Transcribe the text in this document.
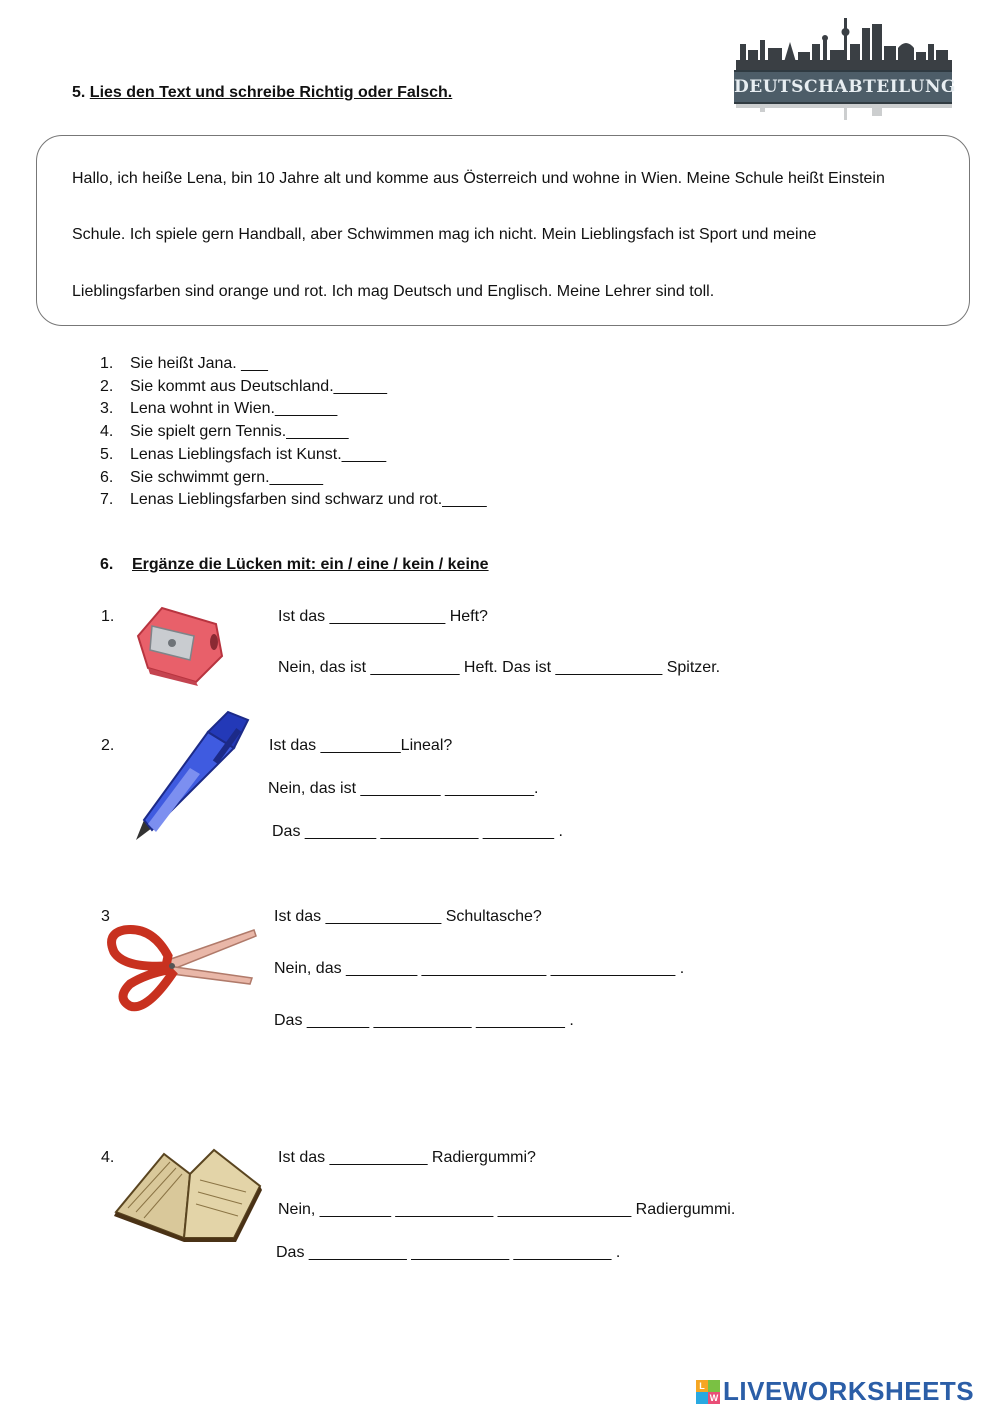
DEUTSCHABTEILUNG
5. Lies den Text und schreibe Richtig oder Falsch.
Hallo, ich heiße Lena, bin 10 Jahre alt und komme aus Österreich und wohne in Wien. Meine Schule heißt Einstein
Schule. Ich spiele gern Handball, aber Schwimmen mag ich nicht. Mein Lieblingsfach ist Sport und meine
Lieblingsfarben sind orange und rot. Ich mag Deutsch und Englisch. Meine Lehrer sind toll.
1.	Sie heißt Jana. ___
2.	Sie kommt aus Deutschland.______
3.	Lena wohnt in Wien._______
4.	Sie spielt gern Tennis._______
5.	Lenas Lieblingsfach ist Kunst._____
6.	Sie schwimmt gern.______
7.	Lenas Lieblingsfarben sind schwarz und rot._____
6. Ergänze die Lücken mit: ein / eine / kein / keine
1.	Ist das _____________ Heft?
Nein, das ist __________ Heft. Das ist ____________ Spitzer.
2.	Ist das _________Lineal?
Nein, das ist _________ __________.
Das ________ ___________ ________ .
3	Ist das _____________ Schultasche?
Nein, das ________ ______________ ______________ .
Das _______ ___________ __________ .
4.	Ist das ___________ Radiergummi?
Nein, ________ ___________ _______________ Radiergummi.
Das ___________ ___________ ___________ .
L
W LIVEWORKSHEETS
